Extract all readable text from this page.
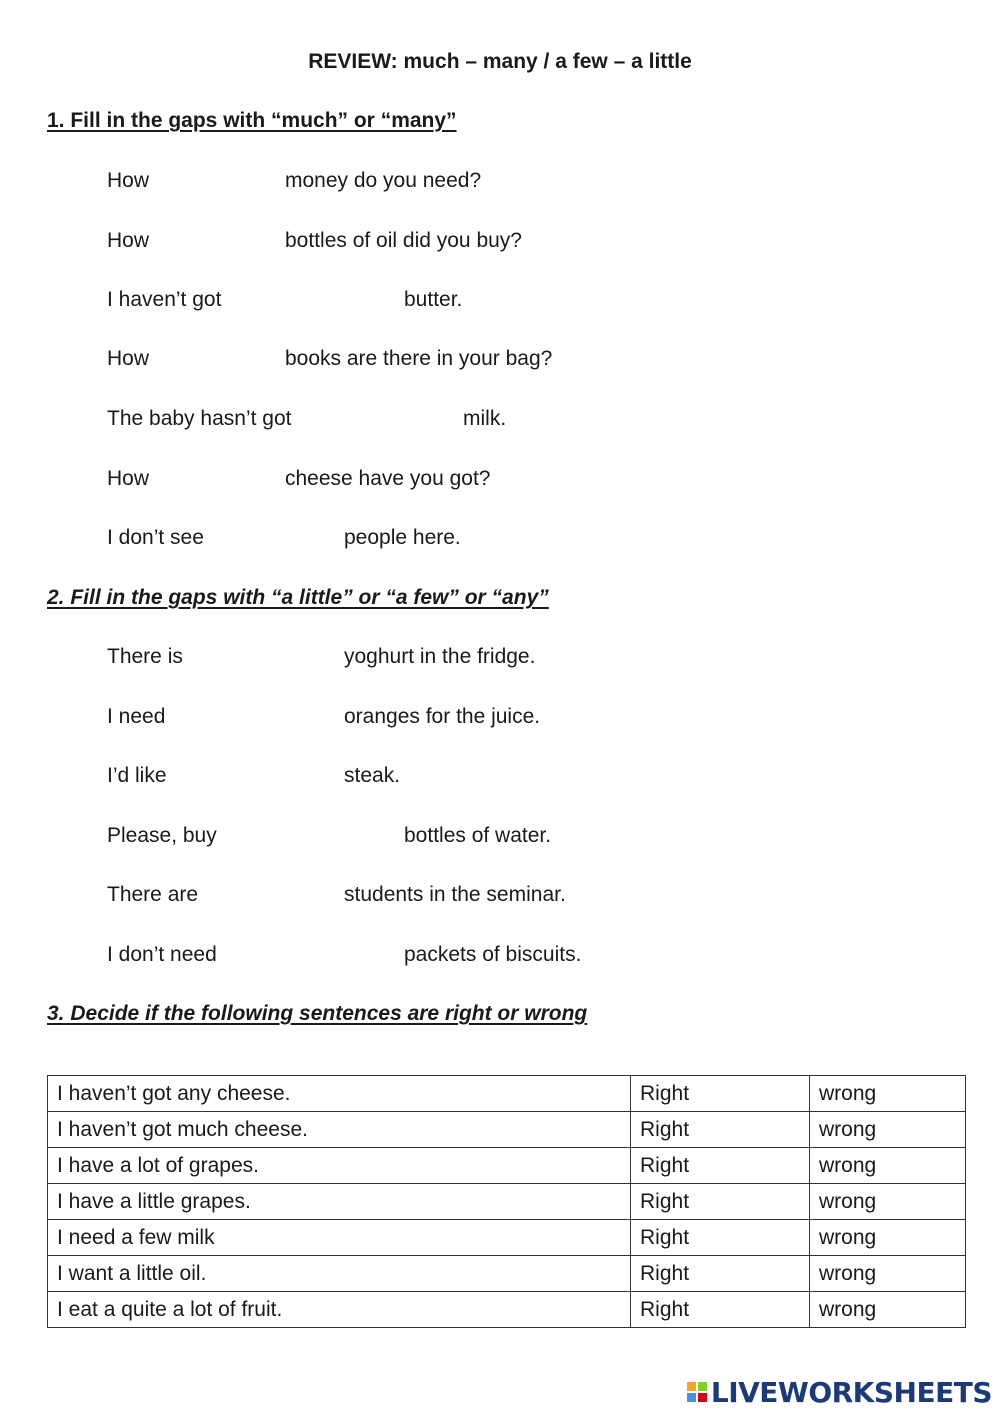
REVIEW: much – many / a few – a little
1. Fill in the gaps with “much” or “many”
How	money do you need?
How	bottles of oil did you buy?
I haven’t got	butter.
How	books are there in your bag?
The baby hasn’t got	milk.
How	cheese have you got?
I don’t see	people here.
2. Fill in the gaps with “a little” or “a few” or “any”
There is	yoghurt in the fridge.
I need	oranges for the juice.
I’d like	steak.
Please, buy	bottles of water.
There are	students in the seminar.
I don’t need	packets of biscuits.
3. Decide if the following sentences are right or wrong
I haven’t got any cheese.	Right	wrong
I haven’t got much cheese.	Right	wrong
I have a lot of grapes.	Right	wrong
I have a little grapes.	Right	wrong
I need a few milk	Right	wrong
I want a little oil.	Right	wrong
I eat a quite a lot of fruit.	Right	wrong
LIVEWORKSHEETS
